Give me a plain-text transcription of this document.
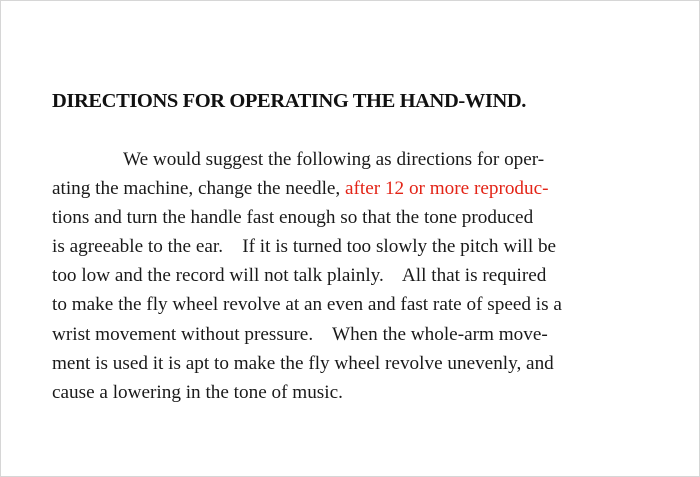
DIRECTIONS FOR OPERATING THE HAND-WIND.
We would suggest the following as directions for oper-
ating the machine, change the needle, after 12 or more reproduc-
tions and turn the handle fast enough so that the tone produced
is agreeable to the ear.    If it is turned too slowly the pitch will be
too low and the record will not talk plainly.    All that is required
to make the fly wheel revolve at an even and fast rate of speed is a
wrist movement without pressure.    When the whole-arm move-
ment is used it is apt to make the fly wheel revolve unevenly, and
cause a lowering in the tone of music.
